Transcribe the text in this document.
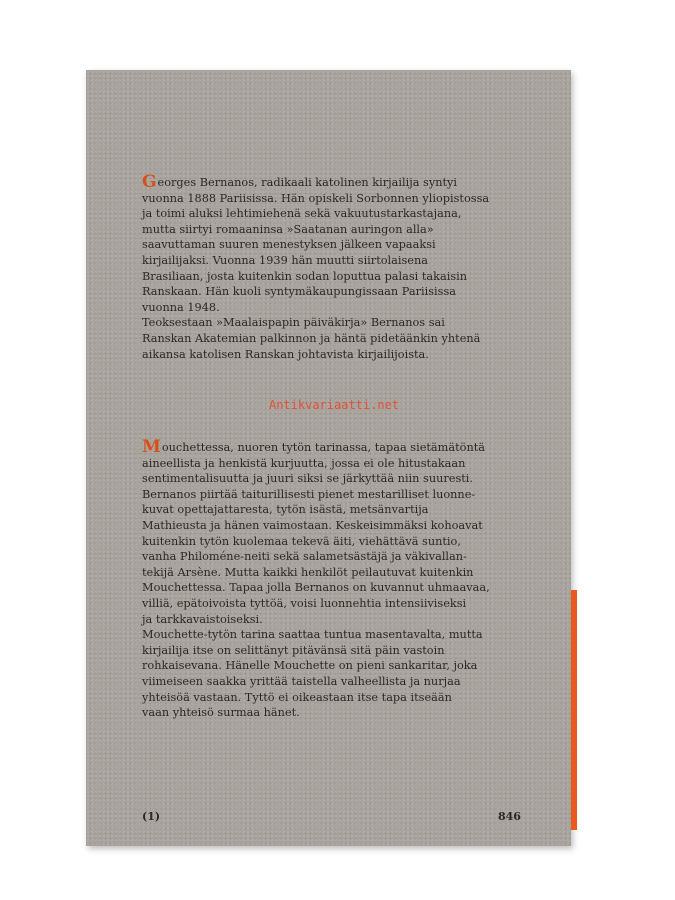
Georges Bernanos, radikaali katolinen kirjailija syntyi
vuonna 1888 Pariisissa. Hän opiskeli Sorbonnen yliopistossa
ja toimi aluksi lehtimiehenä sekä vakuutustarkastajana,
mutta siirtyi romaaninsa »Saatanan auringon alla»
saavuttaman suuren menestyksen jälkeen vapaaksi
kirjailijaksi. Vuonna 1939 hän muutti siirtolaisena
Brasiliaan, josta kuitenkin sodan loputtua palasi takaisin
Ranskaan. Hän kuoli syntymäkaupungissaan Pariisissa
vuonna 1948.
Teoksestaan »Maalaispapin päiväkirja» Bernanos sai
Ranskan Akatemian palkinnon ja häntä pidetäänkin yhtenä
aikansa katolisen Ranskan johtavista kirjailijoista.
Antikvariaatti.net
Mouchettessa, nuoren tytön tarinassa, tapaa sietämätöntä
aineellista ja henkistä kurjuutta, jossa ei ole hitustakaan
sentimentalisuutta ja juuri siksi se järkyttää niin suuresti.
Bernanos piirtää taiturillisesti pienet mestarilliset luonne-
kuvat opettajattaresta, tytön isästä, metsänvartija
Mathieusta ja hänen vaimostaan. Keskeisimmäksi kohoavat
kuitenkin tytön kuolemaa tekevä äiti, viehättävä suntio,
vanha Philoméne-neiti sekä salametsästäjä ja väkivallan-
tekijä Arsène. Mutta kaikki henkilöt peilautuvat kuitenkin
Mouchettessa. Tapaa jolla Bernanos on kuvannut uhmaavaa,
villiä, epätoivoista tyttöä, voisi luonnehtia intensiiviseksi
ja tarkkavaistoiseksi.
Mouchette-tytön tarina saattaa tuntua masentavalta, mutta
kirjailija itse on selittänyt pitävänsä sitä päin vastoin
rohkaisevana. Hänelle Mouchette on pieni sankaritar, joka
viimeiseen saakka yrittää taistella valheellista ja nurjaa
yhteisöä vastaan. Tyttö ei oikeastaan itse tapa itseään
vaan yhteisö surmaa hänet.
(1)	846
